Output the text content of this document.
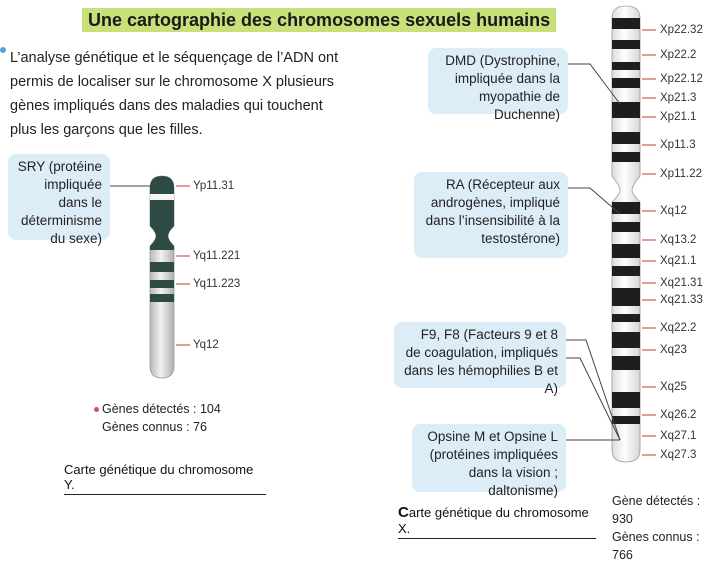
Une cartographie des chromosomes sexuels humains
L’analyse génétique et le séquençage de l’ADN ont permis de localiser sur le chromosome X plusieurs gènes impliqués dans des maladies qui touchent plus les garçons que les filles.
SRY (protéine impliquée dans le déterminisme du sexe)
Yp11.31
Yq11.221
Yq11.223
Yq12
Gènes détectés : 104
Gènes connus : 76
Carte génétique du chromosome Y.
DMD (Dystrophine, impliquée dans la myopathie de Duchenne)
RA (Récepteur aux androgènes, impliqué dans l’insensibilité à la testostérone)
F9, F8 (Facteurs 9 et 8 de coagulation, impliqués dans les hémophilies B et A)
Opsine M et Opsine L (protéines impliquées dans la vision ; daltonisme)
Xp22.32
Xp22.2
Xp22.12
Xp21.3
Xp21.1
Xp11.3
Xp11.22
Xq12
Xq13.2
Xq21.1
Xq21.31
Xq21.33
Xq22.2
Xq23
Xq25
Xq26.2
Xq27.1
Xq27.3
Gène détectés : 930
Gènes connus : 766
Carte génétique du chromosome X.
